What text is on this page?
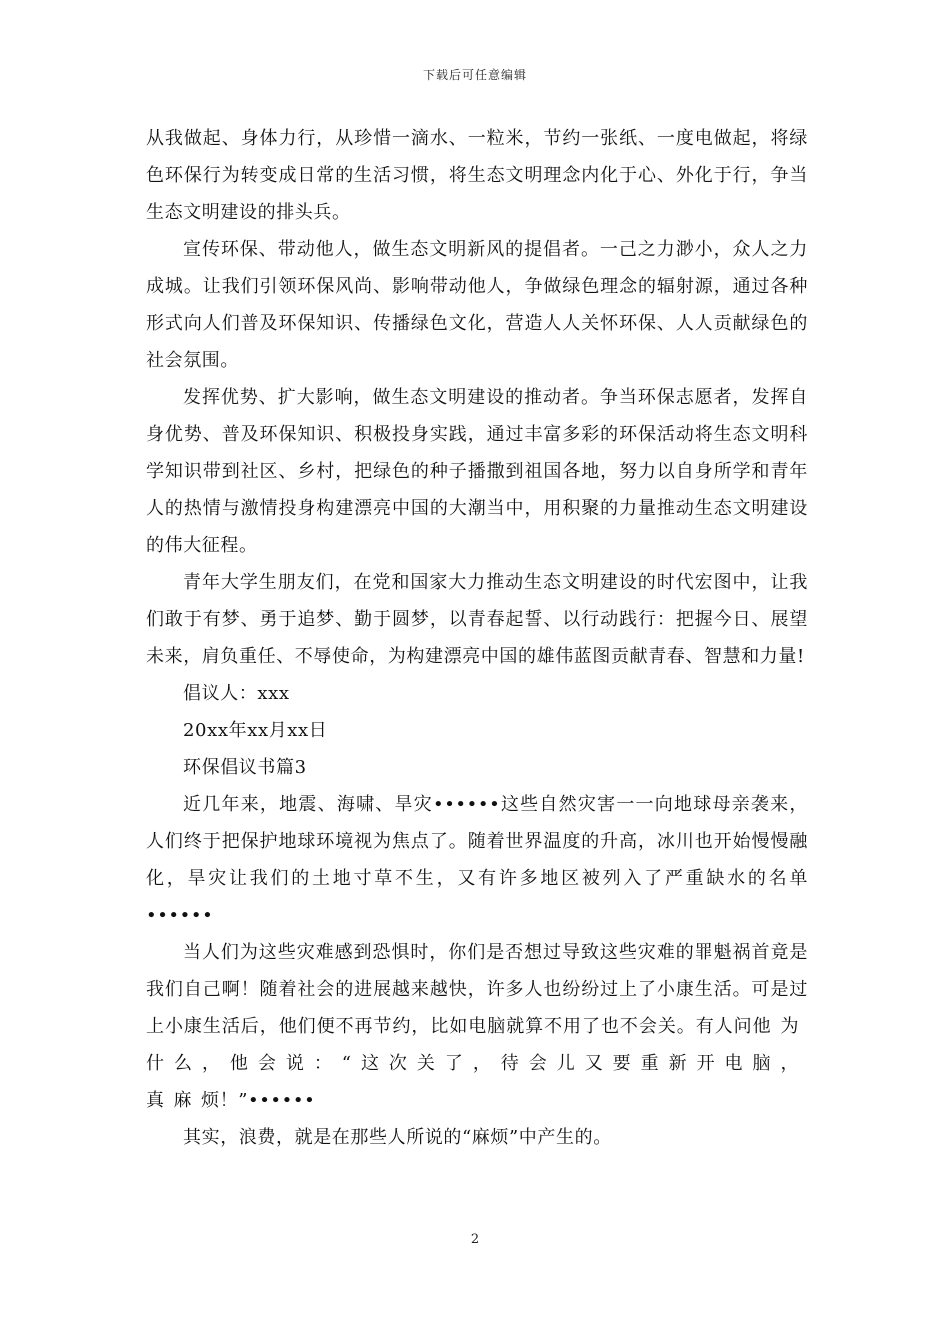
下载后可任意编辑

从我做起、身体力行，从珍惜一滴水、一粒米，节约一张纸、一度电做起，将绿色环保行为转变成日常的生活习惯，将生态文明理念内化于心、外化于行，争当生态文明建设的排头兵。

宣传环保、带动他人，做生态文明新风的提倡者。一己之力渺小，众人之力成城。让我们引领环保风尚、影响带动他人，争做绿色理念的辐射源，通过各种形式向人们普及环保知识、传播绿色文化，营造人人关怀环保、人人贡献绿色的社会氛围。

发挥优势、扩大影响，做生态文明建设的推动者。争当环保志愿者，发挥自身优势、普及环保知识、积极投身实践，通过丰富多彩的环保活动将生态文明科学知识带到社区、乡村，把绿色的种子播撒到祖国各地，努力以自身所学和青年人的热情与激情投身构建漂亮中国的大潮当中，用积聚的力量推动生态文明建设的伟大征程。

青年大学生朋友们，在党和国家大力推动生态文明建设的时代宏图中，让我们敢于有梦、勇于追梦、勤于圆梦，以青春起誓、以行动践行：把握今日、展望未来，肩负重任、不辱使命，为构建漂亮中国的雄伟蓝图贡献青春、智慧和力量!

倡议人：xxx

20xx年xx月xx日

环保倡议书篇3

近几年来，地震、海啸、旱灾••••••这些自然灾害一一向地球母亲袭来，人们终于把保护地球环境视为焦点了。随着世界温度的升高，冰川也开始慢慢融化，旱灾让我们的土地寸草不生，又有许多地区被列入了严重缺水的名单••••••

当人们为这些灾难感到恐惧时，你们是否想过导致这些灾难的罪魁祸首竟是我们自己啊！随着社会的进展越来越快，许多人也纷纷过上了小康生活。可是过上小康生活后，他们便不再节约，比如电脑就算不用了也不会关。有人问他为什么，他会说：“这次关了，待会儿又要重新开电脑，真麻烦！”••••••

其实，浪费，就是在那些人所说的“麻烦”中产生的。

2
